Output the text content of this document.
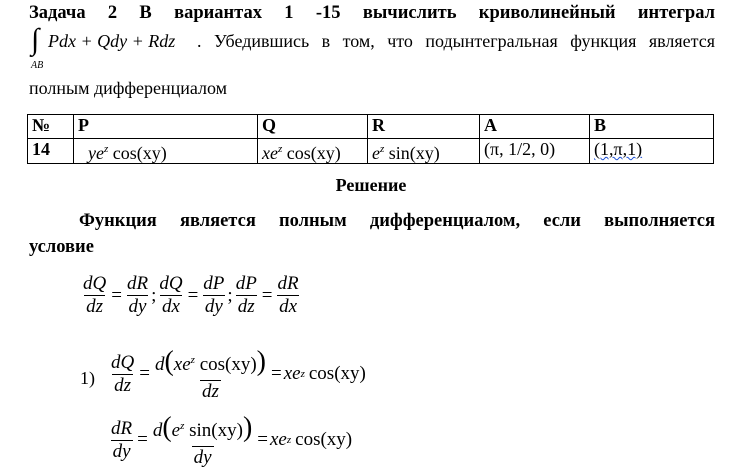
Задача 2 В вариантах 1 -15 вычислить криволинейный интеграл
∫
AB
Pdx + Qdy + Rdz . Убедившись в том, что подынтегральная функция является
полным дифференциалом
№	P	Q	R	A	B
14	$ye^z$ cos(xy)	$xe^z$ cos(xy)	$e^z$ sin(xy)	(π, 1/2, 0)	(1,π,1)
Решение
Функция является полным дифференциалом, если выполняется
условие
$\frac{dQ}{dz} = \frac{dR}{dy}$ ; $\frac{dQ}{dx} = \frac{dP}{dy}$ ; $\frac{dP}{dz} = \frac{dR}{dx}$
$1) \frac{dQ}{dz} = \frac{d(xe^z \cos(xy))}{dz}$ = xe z cos(xy)
$\frac{dR}{dy} = \frac{d(e^z \sin(xy))}{dy}$ = xe z cos(xy)
